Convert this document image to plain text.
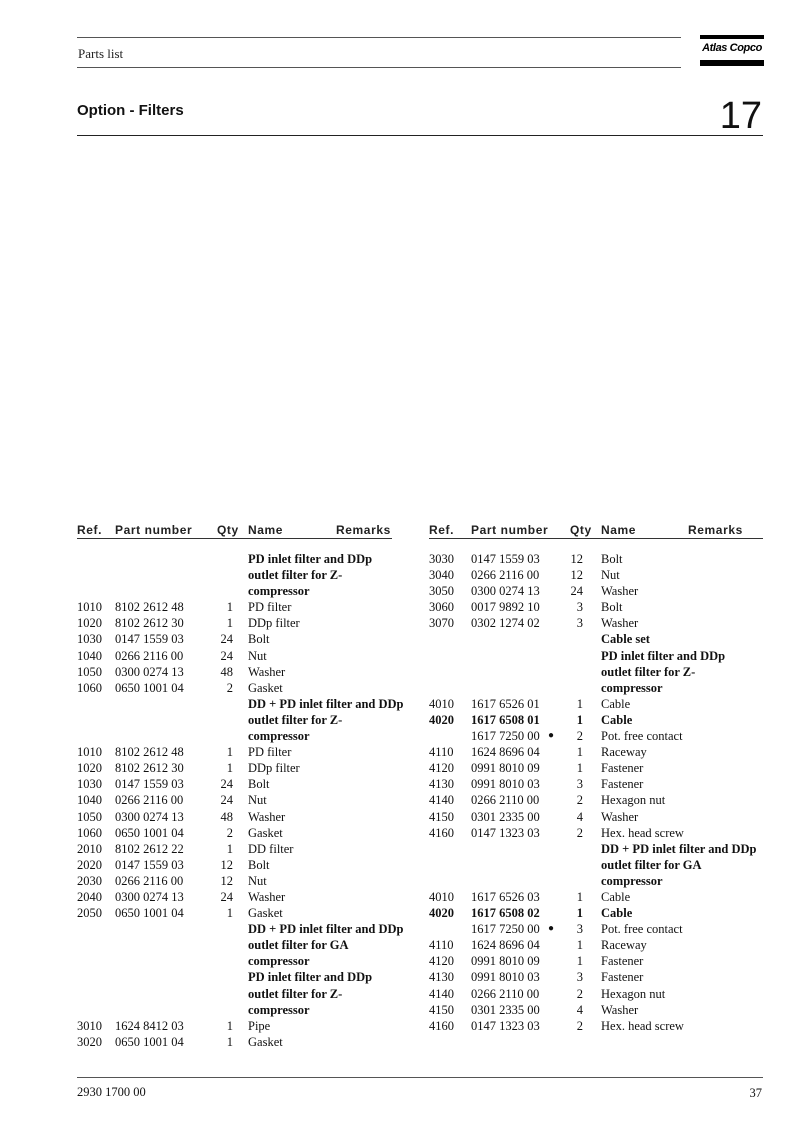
Parts list	Atlas Copco
Option - Filters	17
Ref. Part number Qty Name	Remarks
PD inlet filter and DDp
outlet filter for Z-
compressor
1010 8102 2612 48	1 PD filter
1020 8102 2612 30	1 DDp filter
1030 0147 1559 03	24 Bolt
1040 0266 2116 00	24 Nut
1050 0300 0274 13	48 Washer
1060 0650 1001 04	2 Gasket
DD + PD inlet filter and DDp
outlet filter for Z-
compressor
1010 8102 2612 48	1 PD filter
1020 8102 2612 30	1 DDp filter
1030 0147 1559 03	24 Bolt
1040 0266 2116 00	24 Nut
1050 0300 0274 13	48 Washer
1060 0650 1001 04	2 Gasket
2010 8102 2612 22	1 DD filter
2020 0147 1559 03	12 Bolt
2030 0266 2116 00	12 Nut
2040 0300 0274 13	24 Washer
2050 0650 1001 04	1 Gasket
DD + PD inlet filter and DDp
outlet filter for GA
compressor
PD inlet filter and DDp
outlet filter for Z-
compressor
3010 1624 8412 03	1 Pipe
3020 0650 1001 04	1 Gasket
Ref. Part number Qty Name	Remarks
3030 0147 1559 03 12 Bolt
3040 0266 2116 00 12 Nut
3050 0300 0274 13 24 Washer
3060 0017 9892 10	3 Bolt
3070 0302 1274 02	3 Washer
Cable set
PD inlet filter and DDp
outlet filter for Z-
compressor
4010 1617 6526 01	1 Cable
4020 1617 6508 01	1 Cable
1617 7250 00 ●	2 Pot. free contact
4110 1624 8696 04	1 Raceway
4120 0991 8010 09	1 Fastener
4130 0991 8010 03	3 Fastener
4140 0266 2110 00	2 Hexagon nut
4150 0301 2335 00	4 Washer
4160 0147 1323 03	2 Hex. head screw
DD + PD inlet filter and DDp
outlet filter for GA
compressor
4010 1617 6526 03	1 Cable
4020 1617 6508 02	1 Cable
1617 7250 00 ●	3 Pot. free contact
4110 1624 8696 04	1 Raceway
4120 0991 8010 09	1 Fastener
4130 0991 8010 03	3 Fastener
4140 0266 2110 00	2 Hexagon nut
4150 0301 2335 00	4 Washer
4160 0147 1323 03	2 Hex. head screw
2930 1700 00	37
